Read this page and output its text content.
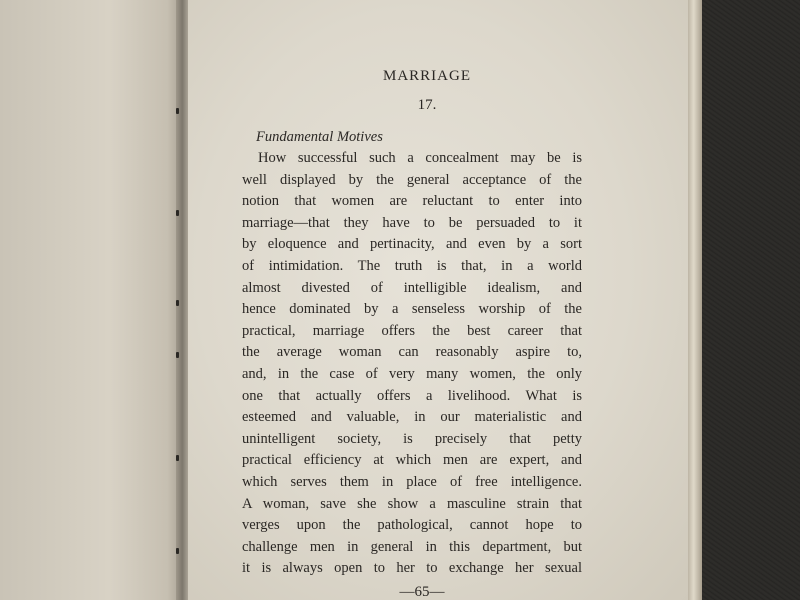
MARRIAGE

17.

Fundamental Motives

How successful such a concealment may be is
well displayed by the general acceptance of the
notion that women are reluctant to enter into
marriage—that they have to be persuaded to it
by eloquence and pertinacity, and even by a sort
of intimidation. The truth is that, in a world
almost divested of intelligible idealism, and
hence dominated by a senseless worship of the
practical, marriage offers the best career that
the average woman can reasonably aspire to,
and, in the case of very many women, the only
one that actually offers a livelihood. What is
esteemed and valuable, in our materialistic and
unintelligent society, is precisely that petty
practical efficiency at which men are expert, and
which serves them in place of free intelligence.
A woman, save she show a masculine strain that
verges upon the pathological, cannot hope to
challenge men in general in this department, but
it is always open to her to exchange her sexual

—65—
